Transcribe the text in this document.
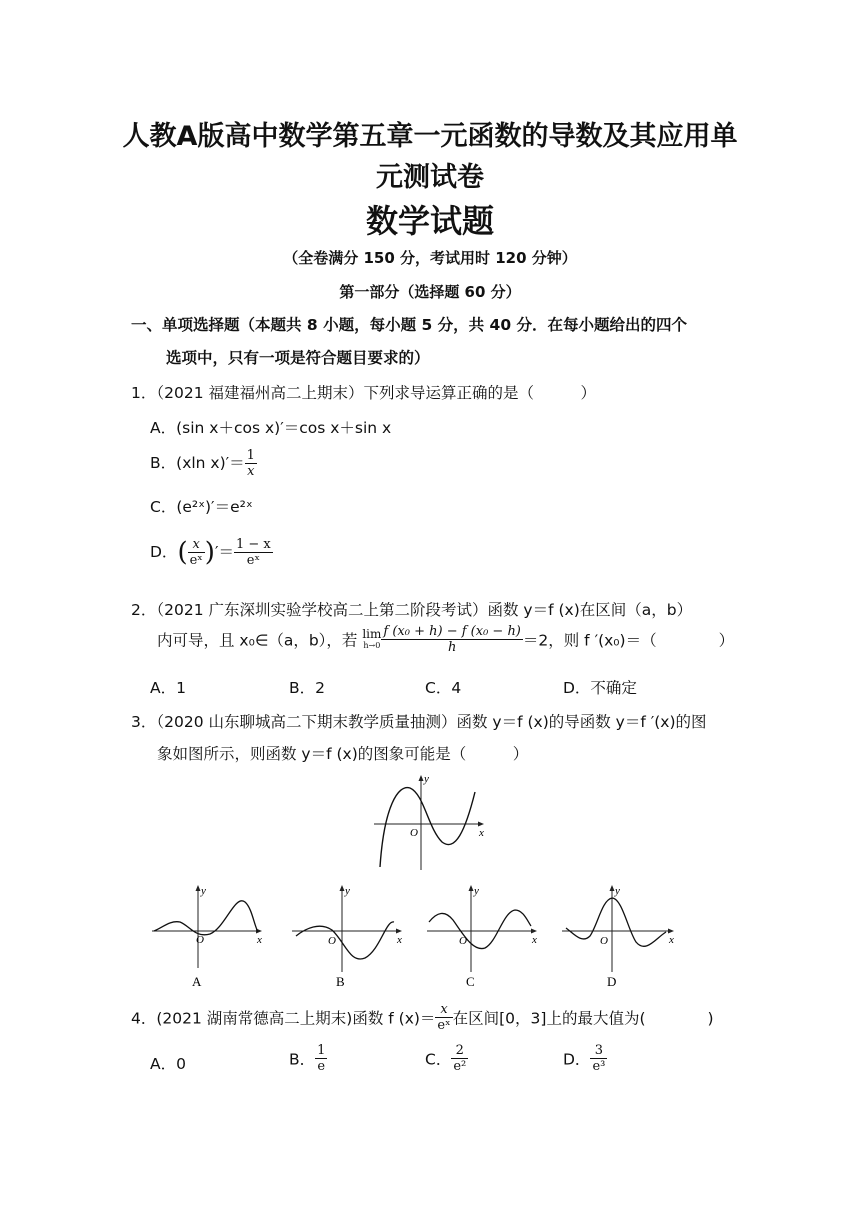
人教A版高中数学第五章一元函数的导数及其应用单
元测试卷
数学试题
（全卷满分 150 分，考试用时 120 分钟）
第一部分（选择题 60 分）
一、单项选择题（本题共 8 小题，每小题 5 分，共 40 分．在每小题给出的四个
选项中，只有一项是符合题目要求的）
1．（2021 福建福州高二上期末）下列求导运算正确的是（　　　）
A．(sin x＋cos x)′＝cos x＋sin x
B．(xln $x)'= \frac{1}{x}$
C．(e²ˣ)′＝e²ˣ
D．( $\frac{x}{\text{eˣ}}$ )′＝ $\frac{1 - x}{\text{eˣ}}$
2．（2021 广东深圳实验学校高二上第二阶段考试）函数 y＝f (x)在区间（a，b）
内可导，且 x₀∈（a，b），若 lim
$h\to 0 \frac{\text{f (x₀ + h) − f (x₀ − h)}}{h} =2$，则 f ′(x₀)＝（　　　　）
A．1	B．2	C．4	D．不确定
3．（2020 山东聊城高二下期末教学质量抽测）函数 y＝f (x)的导函数 y＝f ′(x)的图
象如图所示，则函数 y＝f (x)的图象可能是（　　　）
y
x
O
y
x
O
A
y
x
O
B
y
x
O
C
y
x
O
D
4．(2021 湖南常德高二上期末)函数 f $(x)= \frac{x}{\text{eˣ}}$ 在区间[0，3]上的最大值为(　　　　)
A．0	B． $\frac{1}{e}$	C． $\frac{2}{\text{e²}}$	D． $\frac{3}{\text{e³}}$
